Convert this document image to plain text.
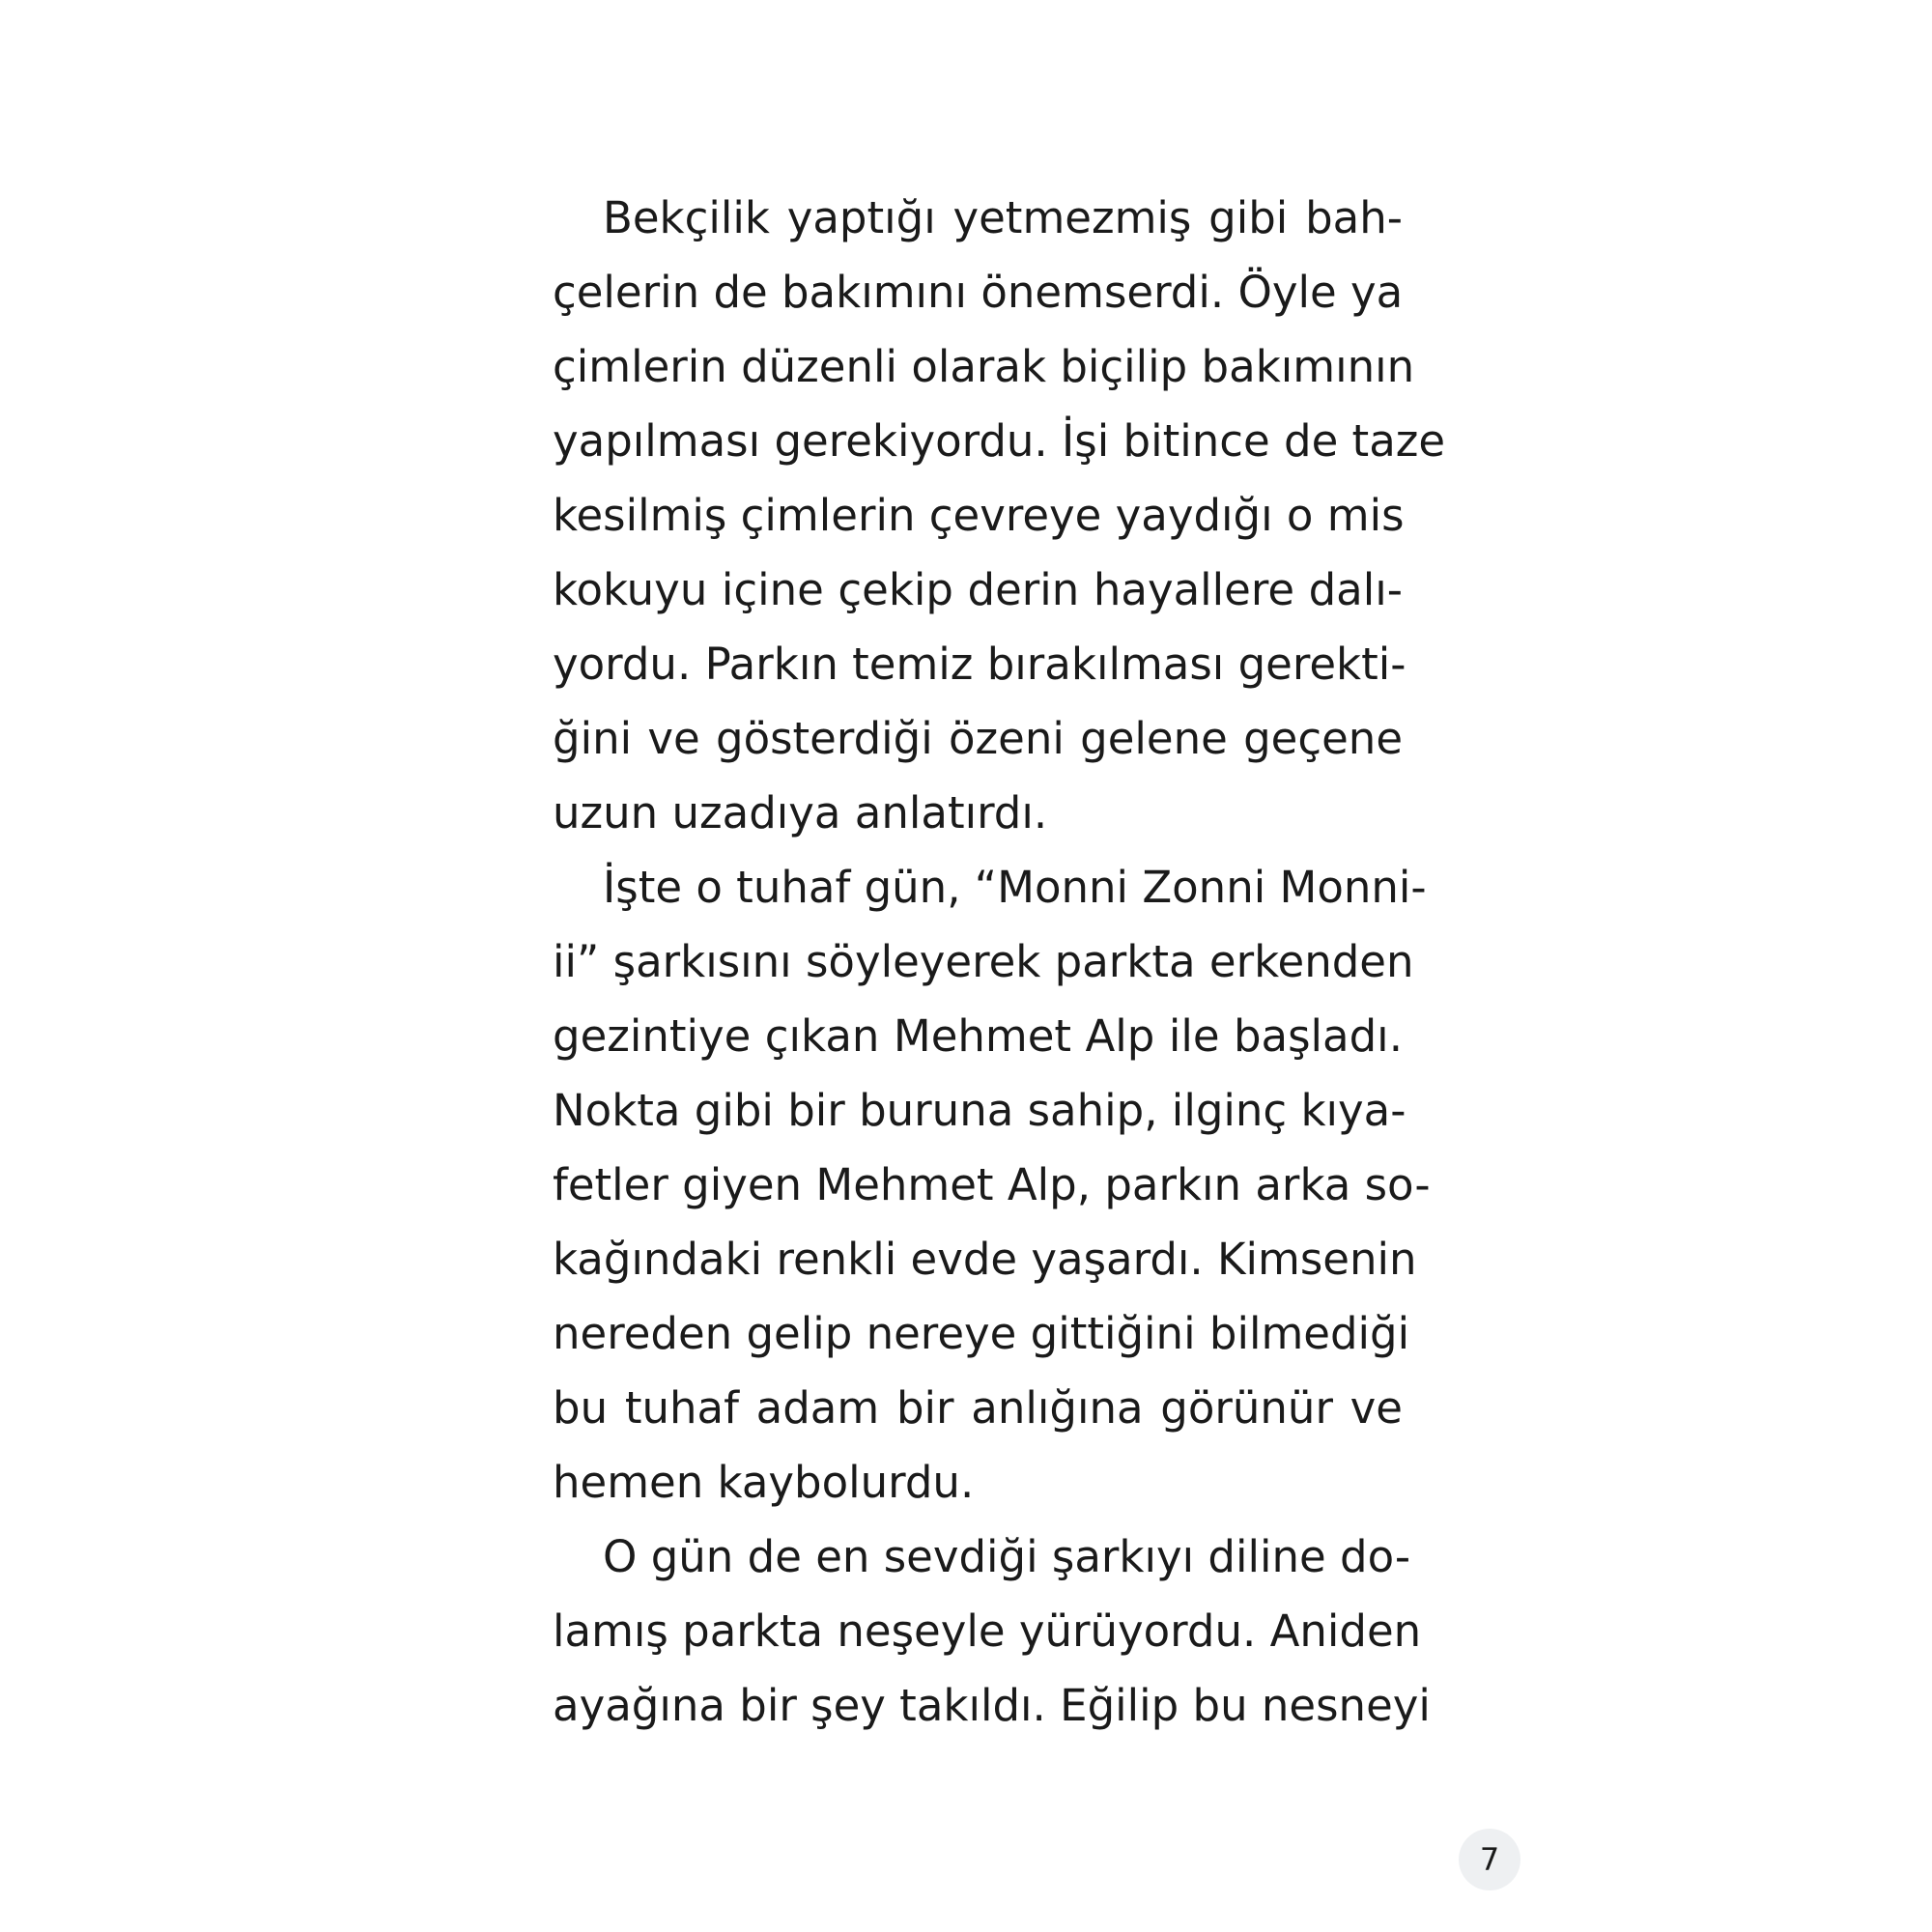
Bekçilik yaptığı yetmezmiş gibi bah-
çelerin de bakımını önemserdi. Öyle ya
çimlerin düzenli olarak biçilip bakımının
yapılması gerekiyordu. İşi bitince de taze
kesilmiş çimlerin çevreye yaydığı o mis
kokuyu içine çekip derin hayallere dalı-
yordu. Parkın temiz bırakılması gerekti-
ğini ve gösterdiği özeni gelene geçene
uzun uzadıya anlatırdı.
İşte o tuhaf gün, “Monni Zonni Monni-
ii” şarkısını söyleyerek parkta erkenden
gezintiye çıkan Mehmet Alp ile başladı.
Nokta gibi bir buruna sahip, ilginç kıya-
fetler giyen Mehmet Alp, parkın arka so-
kağındaki renkli evde yaşardı. Kimsenin
nereden gelip nereye gittiğini bilmediği
bu tuhaf adam bir anlığına görünür ve
hemen kaybolurdu.
O gün de en sevdiği şarkıyı diline do-
lamış parkta neşeyle yürüyordu. Aniden
ayağına bir şey takıldı. Eğilip bu nesneyi
7
